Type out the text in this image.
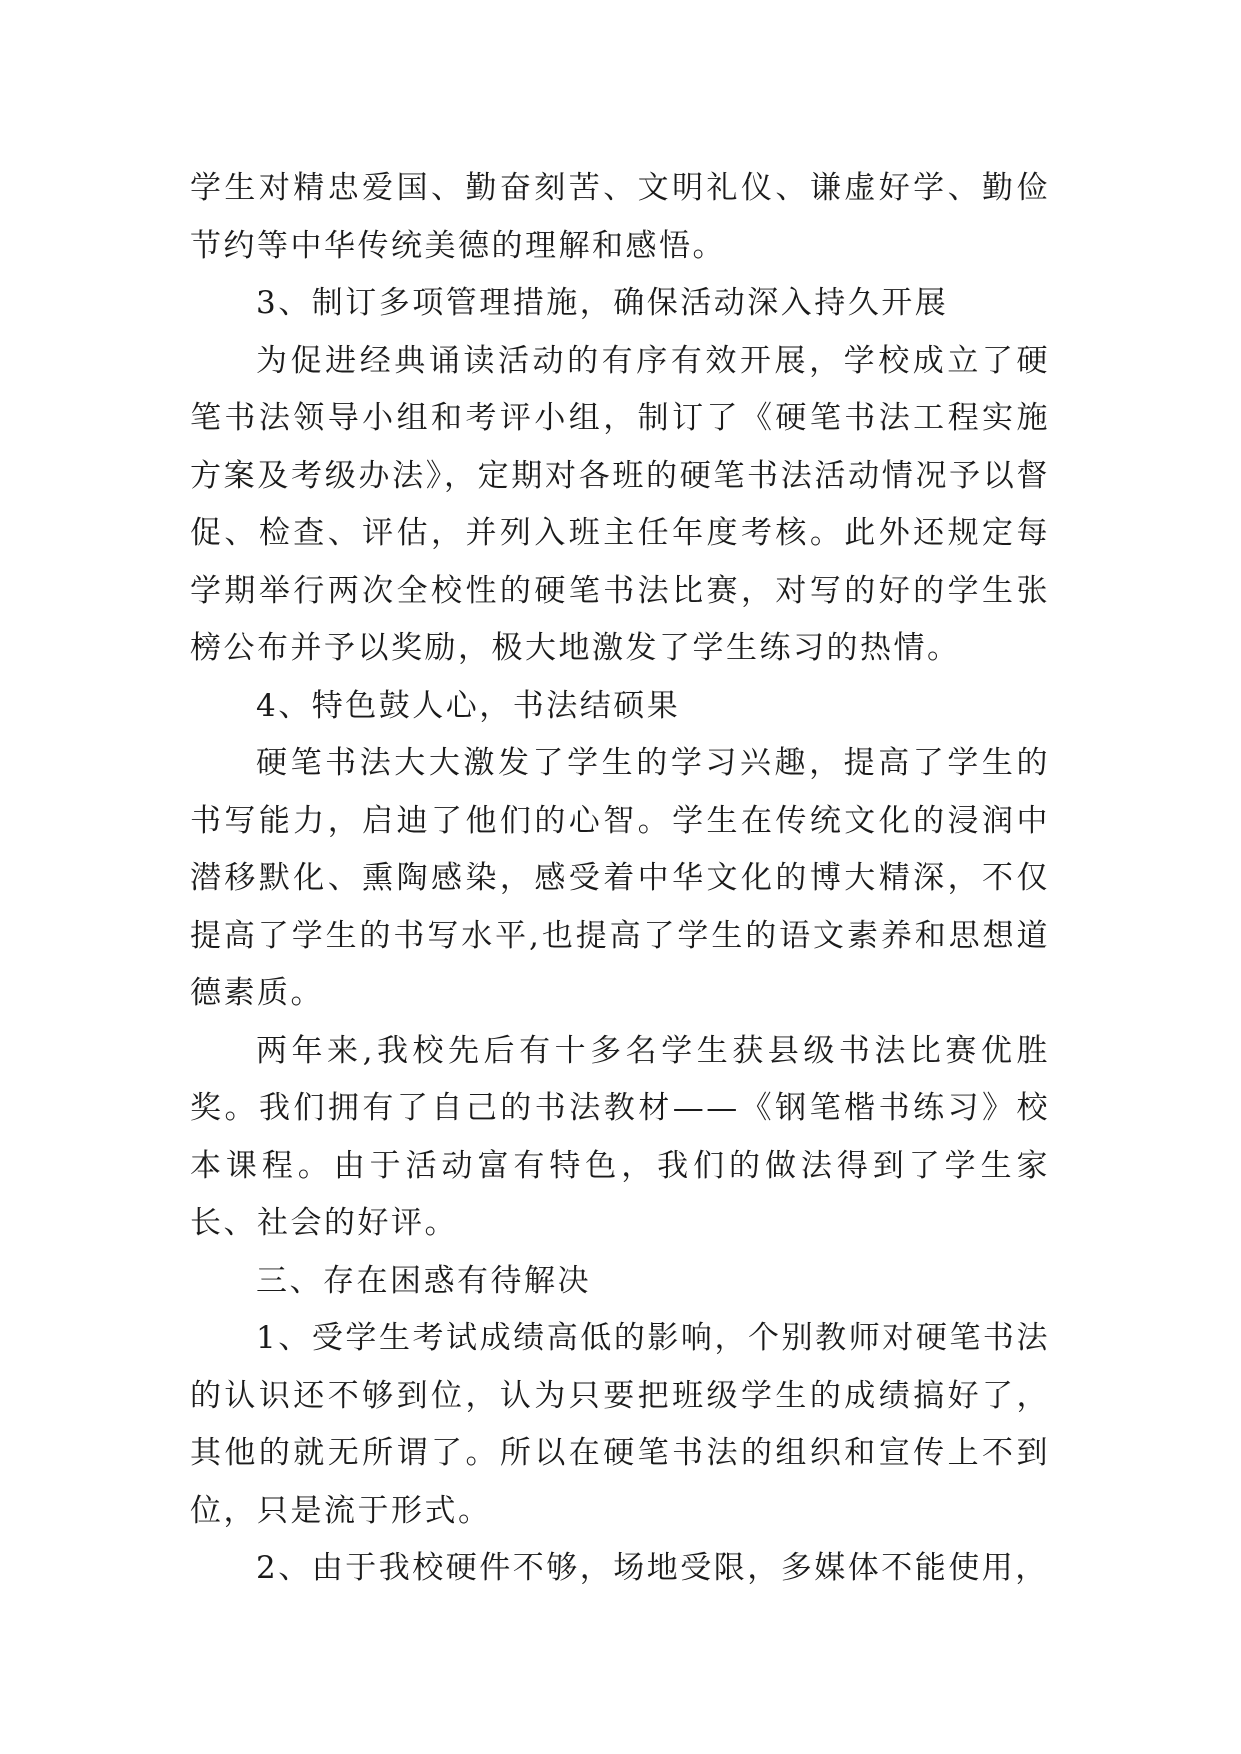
学生对精忠爱国、勤奋刻苦、文明礼仪、谦虚好学、勤俭节约等中华传统美德的理解和感悟。

3、制订多项管理措施，确保活动深入持久开展

为促进经典诵读活动的有序有效开展，学校成立了硬笔书法领导小组和考评小组，制订了《硬笔书法工程实施方案及考级办法》，定期对各班的硬笔书法活动情况予以督促、检查、评估，并列入班主任年度考核。此外还规定每学期举行两次全校性的硬笔书法比赛，对写的好的学生张榜公布并予以奖励，极大地激发了学生练习的热情。

4、特色鼓人心，书法结硕果

硬笔书法大大激发了学生的学习兴趣，提高了学生的书写能力，启迪了他们的心智。学生在传统文化的浸润中潜移默化、熏陶感染，感受着中华文化的博大精深，不仅提高了学生的书写水平,也提高了学生的语文素养和思想道德素质。

两年来,我校先后有十多名学生获县级书法比赛优胜奖。我们拥有了自己的书法教材——《钢笔楷书练习》校本课程。由于活动富有特色，我们的做法得到了学生家长、社会的好评。

三、存在困惑有待解决

1、受学生考试成绩高低的影响，个别教师对硬笔书法的认识还不够到位，认为只要把班级学生的成绩搞好了，其他的就无所谓了。所以在硬笔书法的组织和宣传上不到位，只是流于形式。

2、由于我校硬件不够，场地受限，多媒体不能使用，
